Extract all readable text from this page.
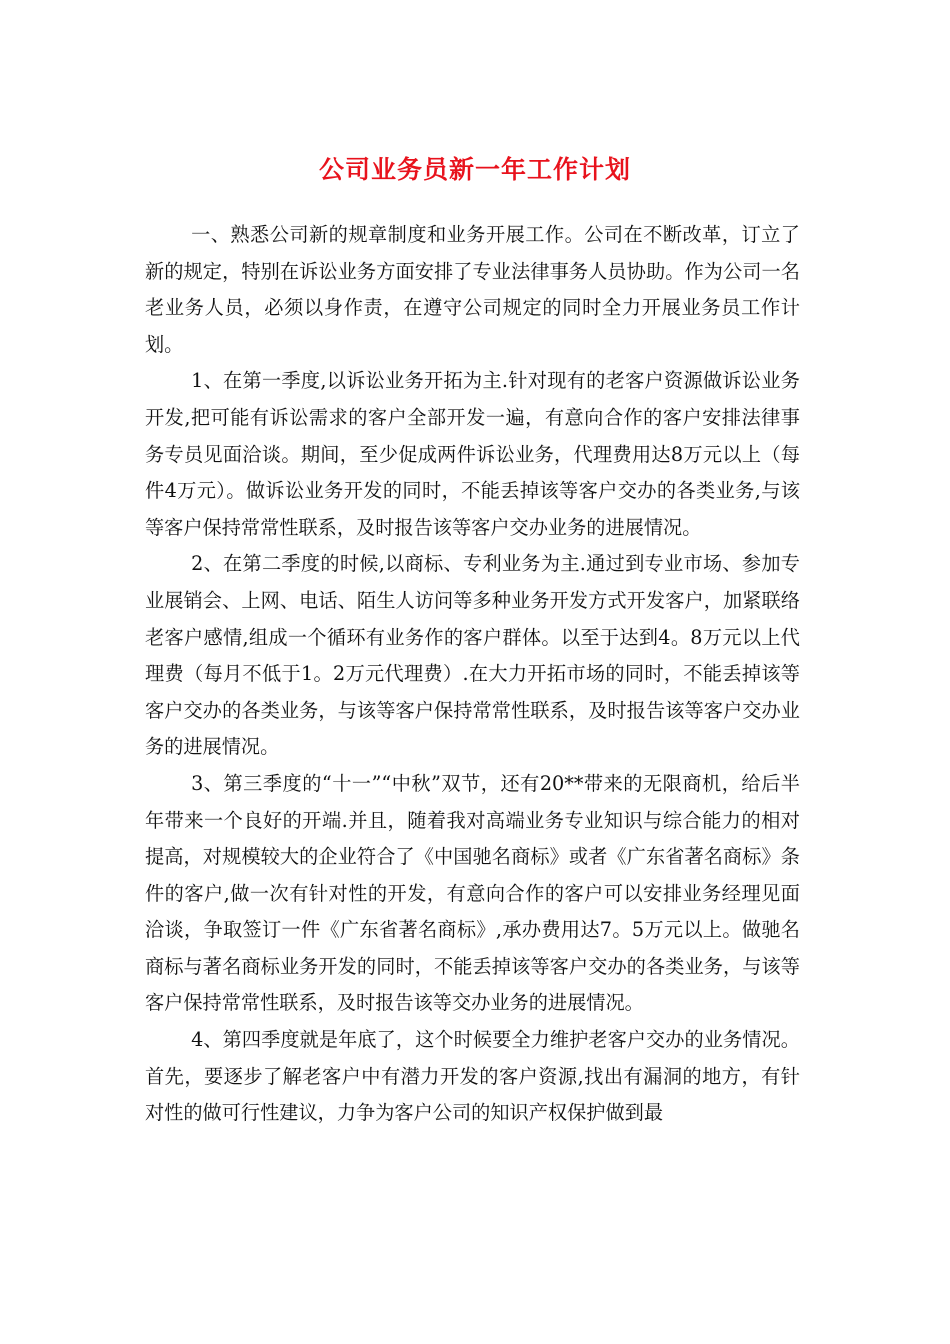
公司业务员新一年工作计划

一、熟悉公司新的规章制度和业务开展工作。公司在不断改革，订立了新的规定，特别在诉讼业务方面安排了专业法律事务人员协助。作为公司一名老业务人员，必须以身作责，在遵守公司规定的同时全力开展业务员工作计划。

1、在第一季度,以诉讼业务开拓为主.针对现有的老客户资源做诉讼业务开发,把可能有诉讼需求的客户全部开发一遍，有意向合作的客户安排法律事务专员见面洽谈。期间，至少促成两件诉讼业务，代理费用达8万元以上（每件4万元）。做诉讼业务开发的同时，不能丢掉该等客户交办的各类业务,与该等客户保持常常性联系，及时报告该等客户交办业务的进展情况。

2、在第二季度的时候,以商标、专利业务为主.通过到专业市场、参加专业展销会、上网、电话、陌生人访问等多种业务开发方式开发客户，加紧联络老客户感情,组成一个循环有业务作的客户群体。以至于达到4。8万元以上代理费（每月不低于1。2万元代理费）.在大力开拓市场的同时，不能丢掉该等客户交办的各类业务，与该等客户保持常常性联系，及时报告该等客户交办业务的进展情况。

3、第三季度的“十一”“中秋”双节，还有20**带来的无限商机，给后半年带来一个良好的开端.并且，随着我对高端业务专业知识与综合能力的相对提高，对规模较大的企业符合了《中国驰名商标》或者《广东省著名商标》条件的客户,做一次有针对性的开发，有意向合作的客户可以安排业务经理见面洽谈，争取签订一件《广东省著名商标》,承办费用达7。5万元以上。做驰名商标与著名商标业务开发的同时，不能丢掉该等客户交办的各类业务，与该等客户保持常常性联系，及时报告该等交办业务的进展情况。

4、第四季度就是年底了，这个时候要全力维护老客户交办的业务情况。首先，要逐步了解老客户中有潜力开发的客户资源,找出有漏洞的地方，有针对性的做可行性建议，力争为客户公司的知识产权保护做到最
